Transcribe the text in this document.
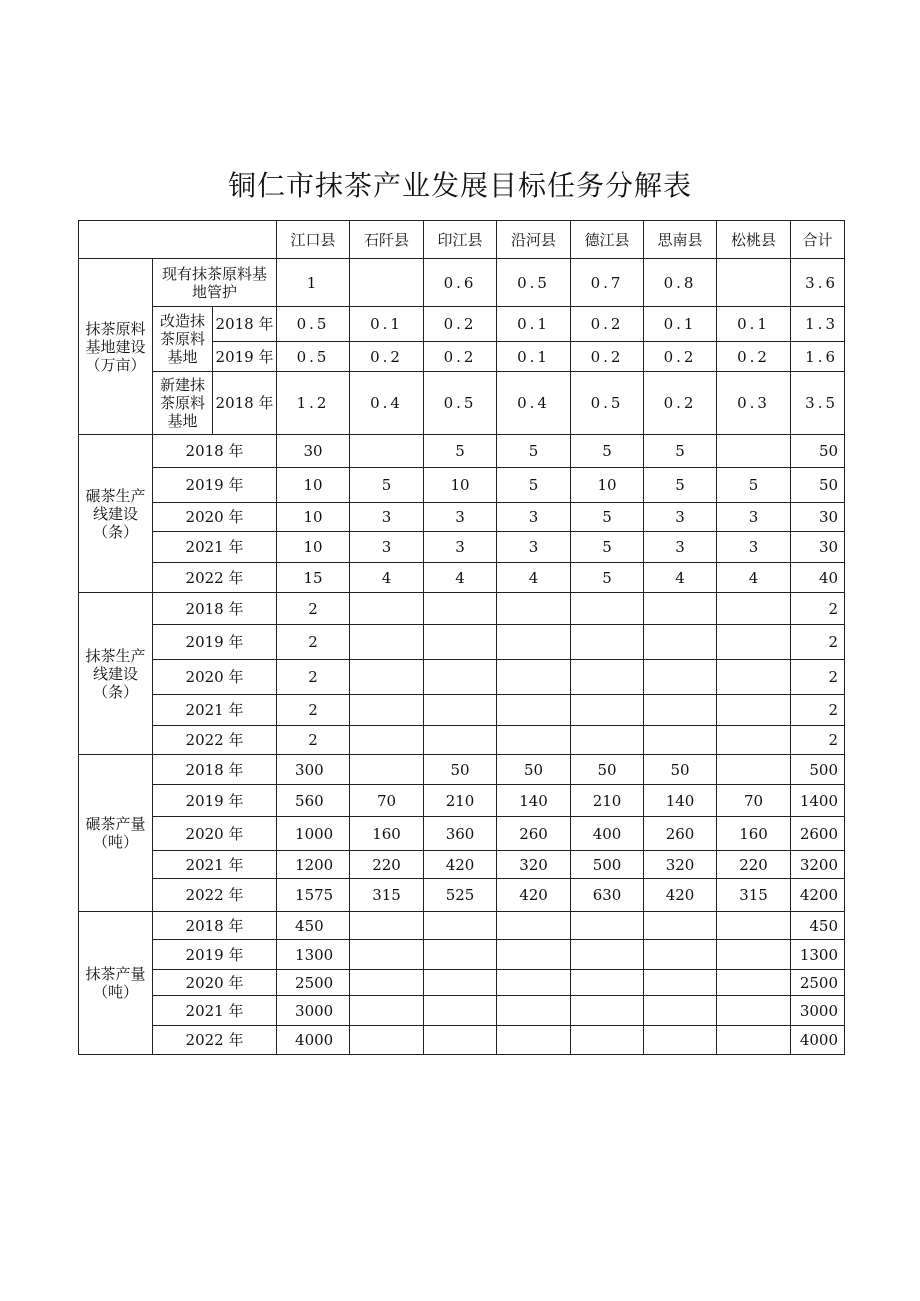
铜仁市抹茶产业发展目标任务分解表
			江口县	石阡县	印江县	沿河县	德江县	思南县	松桃县	合计
抹茶原料基地建设（万亩）	现有抹茶原料基地管护		1		0.6	0.5	0.7	0.8		3.6
	改造抹茶原料基地	2018 年	0.5	0.1	0.2	0.1	0.2	0.1	0.1	1.3
		2019 年	0.5	0.2	0.2	0.1	0.2	0.2	0.2	1.6
	新建抹茶原料基地	2018 年	1.2	0.4	0.5	0.4	0.5	0.2	0.3	3.5
碾茶生产线建设（条）	2018 年		30		5	5	5	5		50
	2019 年		10	5	10	5	10	5	5	50
	2020 年		10	3	3	3	5	3	3	30
	2021 年		10	3	3	3	5	3	3	30
	2022 年		15	4	4	4	5	4	4	40
抹茶生产线建设（条）	2018 年		2							2
	2019 年		2							2
	2020 年		2							2
	2021 年		2							2
	2022 年		2							2
碾茶产量（吨）	2018 年		300		50	50	50	50		500
	2019 年		560	70	210	140	210	140	70	1400
	2020 年		1000	160	360	260	400	260	160	2600
	2021 年		1200	220	420	320	500	320	220	3200
	2022 年		1575	315	525	420	630	420	315	4200
抹茶产量（吨）	2018 年		450							450
	2019 年		1300							1300
	2020 年		2500							2500
	2021 年		3000							3000
	2022 年		4000							4000
